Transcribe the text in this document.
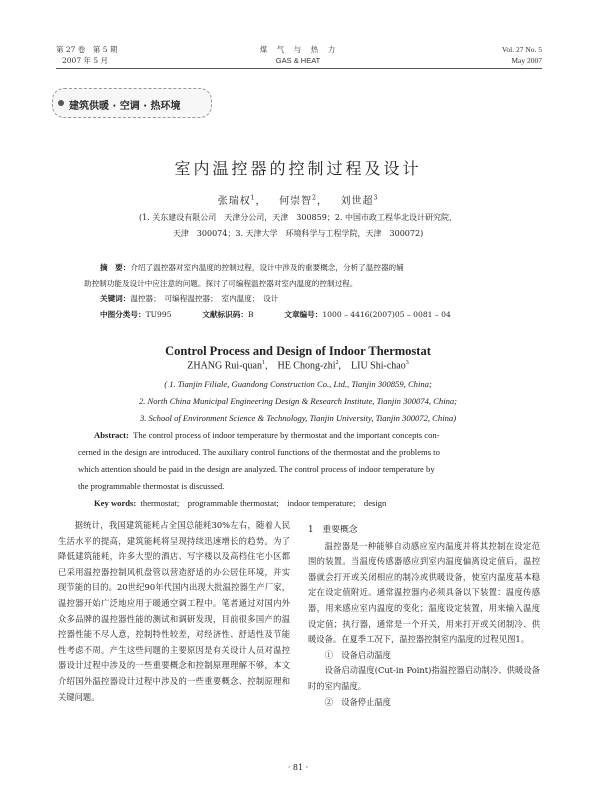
第 27 卷　第 5 期
2007 年 5 月
煤　气　与　热　力
GAS & HEAT
Vol. 27 No. 5
May 2007
建筑供暖 · 空调 · 热环境
室内温控器的控制过程及设计
张瑞权$^1$，   何崇智$^2$，   刘世超$^3$
(1. 关东建设有限公司　天津分公司，天津　300859；2. 中国市政工程华北设计研究院，
天津　300074；3. 天津大学　环境科学与工程学院，天津　300072)
摘　要：介绍了温控器对室内温度的控制过程，设计中涉及的重要概念，分析了温控器的辅
助控制功能及设计中应注意的问题。探讨了可编程温控器对室内温度的控制过程。
关键词：温控器；　可编程温控器；　室内温度；　设计
中图分类号：TU995	文献标识码：B	文章编号：1000 – 4416(2007)05 – 0081 – 04
Control Process and Design of Indoor Thermostat
ZHANG Rui-quan$^1$,    HE Chong-zhi$^2$,    LIU Shi-chao$^3$
( 1. Tianjin Filiale, Guandong Construction Co., Ltd., Tianjin 300859, China;
2. North China Municipal Engineering Design & Research Institute, Tianjin 300074, China;
3. School of Environment Science & Technology, Tianjin University, Tianjin 300072, China)
Abstract: The control process of indoor temperature by thermostat and the important concepts con-
cerned in the design are introduced. The auxiliary control functions of the thermostat and the problems to
which attention should be paid in the design are analyzed. The control process of indoor temperature by
the programmable thermostat is discussed.
Key words: thermostat;　programmable thermostat;　indoor temperature;　design

据统计，我国建筑能耗占全国总能耗30%左右，随着人民生活水平的提高，建筑能耗将呈现持续迅速增长的趋势。为了降低建筑能耗，许多大型的酒店、写字楼以及高档住宅小区都已采用温控器控制风机盘管以营造舒适的办公居住环境，并实现节能的目的。20世纪90年代国内出现大批温控器生产厂家，温控器开始广泛地应用于暖通空调工程中。笔者通过对国内外众多品牌的温控器性能的测试和调研发现，目前很多国产的温控器性能不尽人意，控制特性较差，对经济性、舒适性及节能性考虑不周。产生这些问题的主要原因是有关设计人员对温控器设计过程中涉及的一些重要概念和控制原理理解不够，本文介绍国外温控器设计过程中涉及的一些重要概念、控制原理和关键问题。

1　重要概念

温控器是一种能够自动感应室内温度并将其控制在设定范围的装置。当温度传感器感应到室内温度偏离设定值后，温控器就会打开或关闭相应的制冷或供暖设备，使室内温度基本稳定在设定值附近。通常温控器内必须具备以下装置：温度传感器，用来感应室内温度的变化；温度设定装置，用来输入温度设定值；执行器，通常是一个开关，用来打开或关闭制冷、供暖设备。在夏季工况下，温控器控制室内温度的过程见图1。

①　设备启动温度

设备启动温度(Cut-in Point)指温控器启动制冷、供暖设备时的室内温度。

②　设备停止温度

· 81 ·
